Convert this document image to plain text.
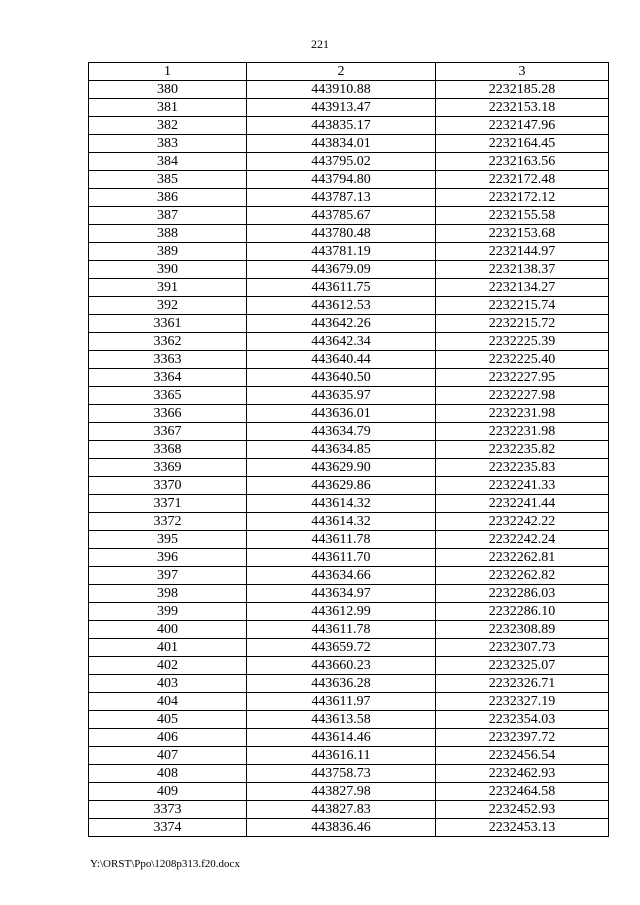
221
1	2	3
380	443910.88	2232185.28
381	443913.47	2232153.18
382	443835.17	2232147.96
383	443834.01	2232164.45
384	443795.02	2232163.56
385	443794.80	2232172.48
386	443787.13	2232172.12
387	443785.67	2232155.58
388	443780.48	2232153.68
389	443781.19	2232144.97
390	443679.09	2232138.37
391	443611.75	2232134.27
392	443612.53	2232215.74
3361	443642.26	2232215.72
3362	443642.34	2232225.39
3363	443640.44	2232225.40
3364	443640.50	2232227.95
3365	443635.97	2232227.98
3366	443636.01	2232231.98
3367	443634.79	2232231.98
3368	443634.85	2232235.82
3369	443629.90	2232235.83
3370	443629.86	2232241.33
3371	443614.32	2232241.44
3372	443614.32	2232242.22
395	443611.78	2232242.24
396	443611.70	2232262.81
397	443634.66	2232262.82
398	443634.97	2232286.03
399	443612.99	2232286.10
400	443611.78	2232308.89
401	443659.72	2232307.73
402	443660.23	2232325.07
403	443636.28	2232326.71
404	443611.97	2232327.19
405	443613.58	2232354.03
406	443614.46	2232397.72
407	443616.11	2232456.54
408	443758.73	2232462.93
409	443827.98	2232464.58
3373	443827.83	2232452.93
3374	443836.46	2232453.13
Y:\ORST\Ppo\1208p313.f20.docx
